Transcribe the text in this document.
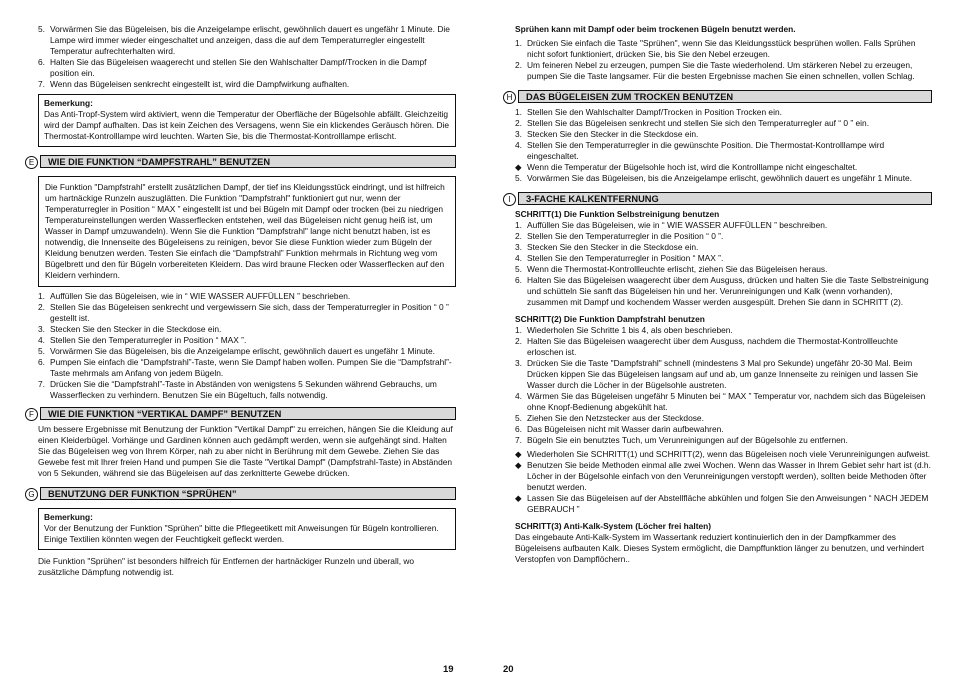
5. Vorwärmen Sie das Bügeleisen, bis die Anzeigelampe erlischt, gewöhnlich dauert es ungefähr 1 Minute. Die Lampe wird immer wieder eingeschaltet und anzeigen, dass die auf dem Temperaturregler eingestellt Temperatur aufrechterhalten wird.
6. Halten Sie das Bügeleisen waagerecht und stellen Sie den Wahlschalter Dampf/Trocken in die Dampf position ein.
7. Wenn das Bügeleisen senkrecht eingestellt ist, wird die Dampfwirkung aufhalten.

Bemerkung:

Das Anti-Tropf-System wird aktiviert, wenn die Temperatur der Oberfläche der Bügelsohle abfällt. Gleichzeitig wird der Dampf aufhalten. Das ist kein Zeichen des Versagens, wenn Sie ein klickendes Geräusch hören. Die Thermostat-Kontrolllampe wird leuchten. Warten Sie, bis die Thermostat-Kontrolllampe erlischt.

E	WIE DIE FUNKTION “DAMPFSTRAHL” BENUTZEN

Die Funktion "Dampfstrahl" erstellt zusätzlichen Dampf, der tief ins Kleidungsstück eindringt, und ist hilfreich um hartnäckige Runzeln auszuglätten. Die Funktion "Dampfstrahl" funktioniert gut nur, wenn der Temperaturregler in Position “ MAX ” eingestellt ist und bei Bügeln mit Dampf oder trocken (bei zu niedrigen Temperatureinstellungen werden Wasserflecken entstehen, weil das Bügeleisen nicht genug heiß ist, um Wasser in Dampf umzuwandeln). Wenn Sie die Funktion "Dampfstrahl" lange nicht benutzt haben, ist es notwendig, die Innenseite des Bügeleisens zu reinigen, bevor Sie diese Funktion wieder zum Bügeln der Kleidung benutzen werden. Testen Sie einfach die “Dampfstrahl” Funktion mehrmals in Richtung weg vom Bügelbrett und den für Bügeln vorbereiteten Kleidern. Das wird braune Flecken oder Wasserflecken auf den Kleidern verhindern.

1. Auffüllen Sie das Bügeleisen, wie in “ WIE WASSER AUFFÜLLEN ” beschrieben.
2. Stellen Sie das Bügeleisen senkrecht und vergewissern Sie sich, dass der Temperaturregler in Position “ 0 ” gestellt ist.
3. Stecken Sie den Stecker in die Steckdose ein.
4. Stellen Sie den Temperaturregler in Position “ MAX ”.
5. Vorwärmen Sie das Bügeleisen, bis die Anzeigelampe erlischt, gewöhnlich dauert es ungefähr 1 Minute.
6. Pumpen Sie einfach die “Dampfstrahl”-Taste, wenn Sie Dampf haben wollen. Pumpen Sie die “Dampfstrahl”-Taste mehrmals am Anfang von jedem Bügeln.
7. Drücken Sie die “Dampfstrahl”-Taste in Abständen von wenigstens 5 Sekunden während Gebrauchs, um Wasserflecken zu verhindern. Benutzen Sie ein Bügeltuch, falls notwendig.
F	WIE DIE FUNKTION “VERTIKAL DAMPF” BENUTZEN

Um bessere Ergebnisse mit Benutzung der Funktion "Vertikal Dampf" zu erreichen, hängen Sie die Kleidung auf einen Kleiderbügel. Vorhänge und Gardinen können auch gedämpft werden, wenn sie aufgehängt sind. Halten Sie das Bügeleisen weg von Ihrem Körper, nah zu aber nicht in Berührung mit dem Gewebe. Ziehen Sie das Gewebe fest mit Ihrer freien Hand und pumpen Sie die Taste "Vertikal Dampf" (Dampfstrahl-Taste) in Abständen von 5 Sekunden, während sie das Bügeleisen auf das zerknitterte Gewebe drücken.

G	BENUTZUNG DER FUNKTION “SPRÜHEN”

Bemerkung:

Vor der Benutzung der Funktion "Sprühen" bitte die Pflegeetikett mit Anweisungen für Bügeln kontrollieren. Einige Textilien könnten wegen der Feuchtigkeit gefleckt werden.

Die Funktion "Sprühen" ist besonders hilfreich für Entfernen der hartnäckiger Runzeln und überall, wo zusätzliche Dämpfung notwendig ist.

19

Sprühen kann mit Dampf oder beim trockenen Bügeln benutzt werden.

1. Drücken Sie einfach die Taste "Sprühen", wenn Sie das Kleidungsstück besprühen wollen. Falls Sprühen nicht sofort funktioniert, drücken Sie, bis Sie den Nebel erzeugen.
2. Um feineren Nebel zu erzeugen, pumpen Sie die Taste wiederholend. Um stärkeren Nebel zu erzeugen, pumpen Sie die Taste langsamer. Für die besten Ergebnisse machen Sie einen schnellen, vollen Schlag.
H	DAS BÜGELEISEN ZUM TROCKEN BENUTZEN
1. Stellen Sie den Wahlschalter Dampf/Trocken in Position Trocken ein.
2. Stellen Sie das Bügeleisen senkrecht und stellen Sie sich den Temperaturregler auf “ 0 ” ein.
3. Stecken Sie den Stecker in die Steckdose ein.
4. Stellen Sie den Temperaturregler in die gewünschte Position. Die Thermostat-Kontrolllampe wird eingeschaltet.
◆ Wenn die Temperatur der Bügelsohle hoch ist, wird die Kontrolllampe nicht eingeschaltet.
5. Vorwärmen Sie das Bügeleisen, bis die Anzeigelampe erlischt, gewöhnlich dauert es ungefähr 1 Minute.
I	3-FACHE KALKENTFERNUNG

SCHRITT(1) Die Funktion Selbstreinigung benutzen

1. Auffüllen Sie das Bügeleisen, wie in “ WIE WASSER AUFFÜLLEN ” beschreiben.
2. Stellen Sie den Temperaturregler in die Position “ 0 ”.
3. Stecken Sie den Stecker in die Steckdose ein.
4. Stellen Sie den Temperaturregler in Position “ MAX ”.
5. Wenn die Thermostat-Kontrollleuchte erlischt, ziehen Sie das Bügeleisen heraus.
6. Halten Sie das Bügeleisen waagerecht über dem Ausguss, drücken und halten Sie die Taste Selbstreinigung und schütteln Sie sanft das Bügeleisen hin und her. Verunreinigungen und Kalk (wenn vorhanden), zusammen mit Dampf und kochendem Wasser werden ausgespült. Drehen Sie dann in SCHRITT (2).

SCHRITT(2) Die Funktion Dampfstrahl benutzen

1. Wiederholen Sie Schritte 1 bis 4, als oben beschrieben.
2. Halten Sie das Bügeleisen waagerecht über dem Ausguss, nachdem die Thermostat-Kontrollleuchte erloschen ist.
3. Drücken Sie die Taste "Dampfstrahl" schnell (mindestens 3 Mal pro Sekunde) ungefähr 20-30 Mal. Beim Drücken kippen Sie das Bügeleisen langsam auf und ab, um ganze Innenseite zu reinigen und lassen Sie Wasser durch die Löcher in der Bügelsohle austreten.
4. Wärmen Sie das Bügeleisen ungefähr 5 Minuten bei “ MAX ” Temperatur vor, nachdem sich das Bügeleisen ohne Knopf-Bedienung abgekühlt hat.
5. Ziehen Sie den Netzstecker aus der Steckdose.
6. Das Bügeleisen nicht mit Wasser darin aufbewahren.
7. Bügeln Sie ein benutztes Tuch, um Verunreinigungen auf der Bügelsohle zu entfernen.
◆ Wiederholen Sie SCHRITT(1) und SCHRITT(2), wenn das Bügeleisen noch viele Verunreinigungen aufweist.
◆ Benutzen Sie beide Methoden einmal alle zwei Wochen. Wenn das Wasser in Ihrem Gebiet sehr hart ist (d.h. Löcher in der Bügelsohle einfach von den Verunreinigungen verstopft werden), sollten beide Methoden öfter benutzt werden.
◆ Lassen Sie das Bügeleisen auf der Abstellfläche abkühlen und folgen Sie den Anweisungen “ NACH JEDEM GEBRAUCH ”

SCHRITT(3) Anti-Kalk-System (Löcher frei halten)

Das eingebaute Anti-Kalk-System im Wassertank reduziert kontinuierlich den in der Dampfkammer des Bügeleisens aufbauten Kalk. Dieses System ermöglicht, die Dampffunktion länger zu benutzen, und verhindert Verstopfen von Dampflöchern..

20
